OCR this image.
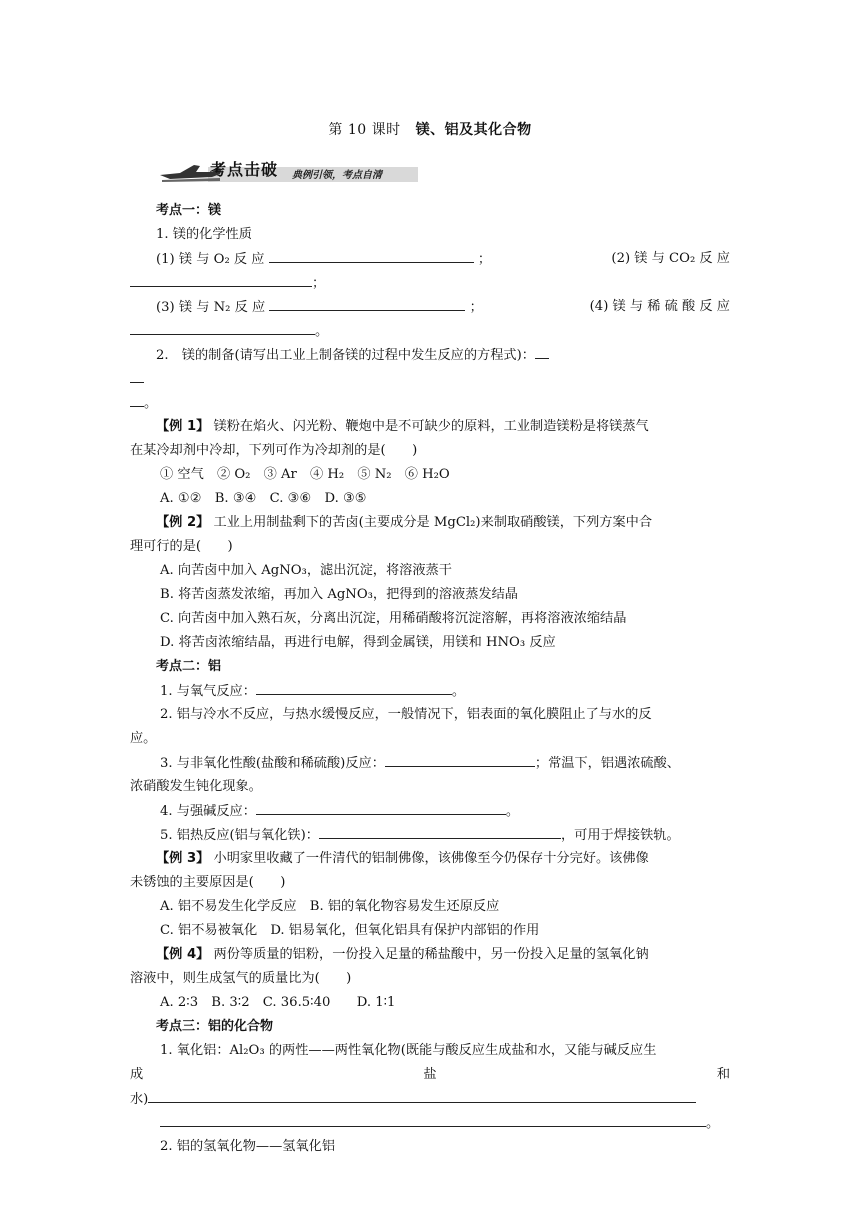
第 10 课时 镁、铝及其化合物
考点击破 典例引领，考点自清
考点一：镁
1. 镁的化学性质
(1) 镁 与 O₂ 反 应	；	(2) 镁 与 CO₂ 反 应
；
(3) 镁 与 N₂ 反 应	；	(4) 镁 与 稀 硫 酸 反 应
。
2.　镁的制备(请写出工业上制备镁的过程中发生反应的方程式)：
。
【例 1】 镁粉在焰火、闪光粉、鞭炮中是不可缺少的原料，工业制造镁粉是将镁蒸气
在某冷却剂中冷却，下列可作为冷却剂的是(　　)
① 空气　② O₂　③ Ar　④ H₂　⑤ N₂　⑥ H₂O
A. ①②　B. ③④　C. ③⑥　D. ③⑤
【例 2】 工业上用制盐剩下的苦卤(主要成分是 MgCl₂)来制取硝酸镁，下列方案中合
理可行的是(　　)
A. 向苦卤中加入 AgNO₃，滤出沉淀，将溶液蒸干
B. 将苦卤蒸发浓缩，再加入 AgNO₃，把得到的溶液蒸发结晶
C. 向苦卤中加入熟石灰，分离出沉淀，用稀硝酸将沉淀溶解，再将溶液浓缩结晶
D. 将苦卤浓缩结晶，再进行电解，得到金属镁，用镁和 HNO₃ 反应
考点二：铝
1. 与氧气反应：	。
2. 铝与冷水不反应，与热水缓慢反应，一般情况下，铝表面的氧化膜阻止了与水的反
应。
3. 与非氧化性酸(盐酸和稀硫酸)反应：	；常温下，铝遇浓硫酸、
浓硝酸发生钝化现象。
4. 与强碱反应：	。
5. 铝热反应(铝与氧化铁)：	，可用于焊接铁轨。
【例 3】 小明家里收藏了一件清代的铝制佛像，该佛像至今仍保存十分完好。该佛像
未锈蚀的主要原因是(　　)
A. 铝不易发生化学反应　B. 铝的氧化物容易发生还原反应
C. 铝不易被氧化　D. 铝易氧化，但氧化铝具有保护内部铝的作用
【例 4】 两份等质量的铝粉，一份投入足量的稀盐酸中，另一份投入足量的氢氧化钠
溶液中，则生成氢气的质量比为(　　)
A. 2∶3　B. 3∶2　C. 36.5∶40　　D. 1∶1
考点三：铝的化合物
1. 氧化铝：Al₂O₃ 的两性——两性氧化物(既能与酸反应生成盐和水，又能与碱反应生
成	盐	和
水)
。
2. 铝的氢氧化物——氢氧化铝
